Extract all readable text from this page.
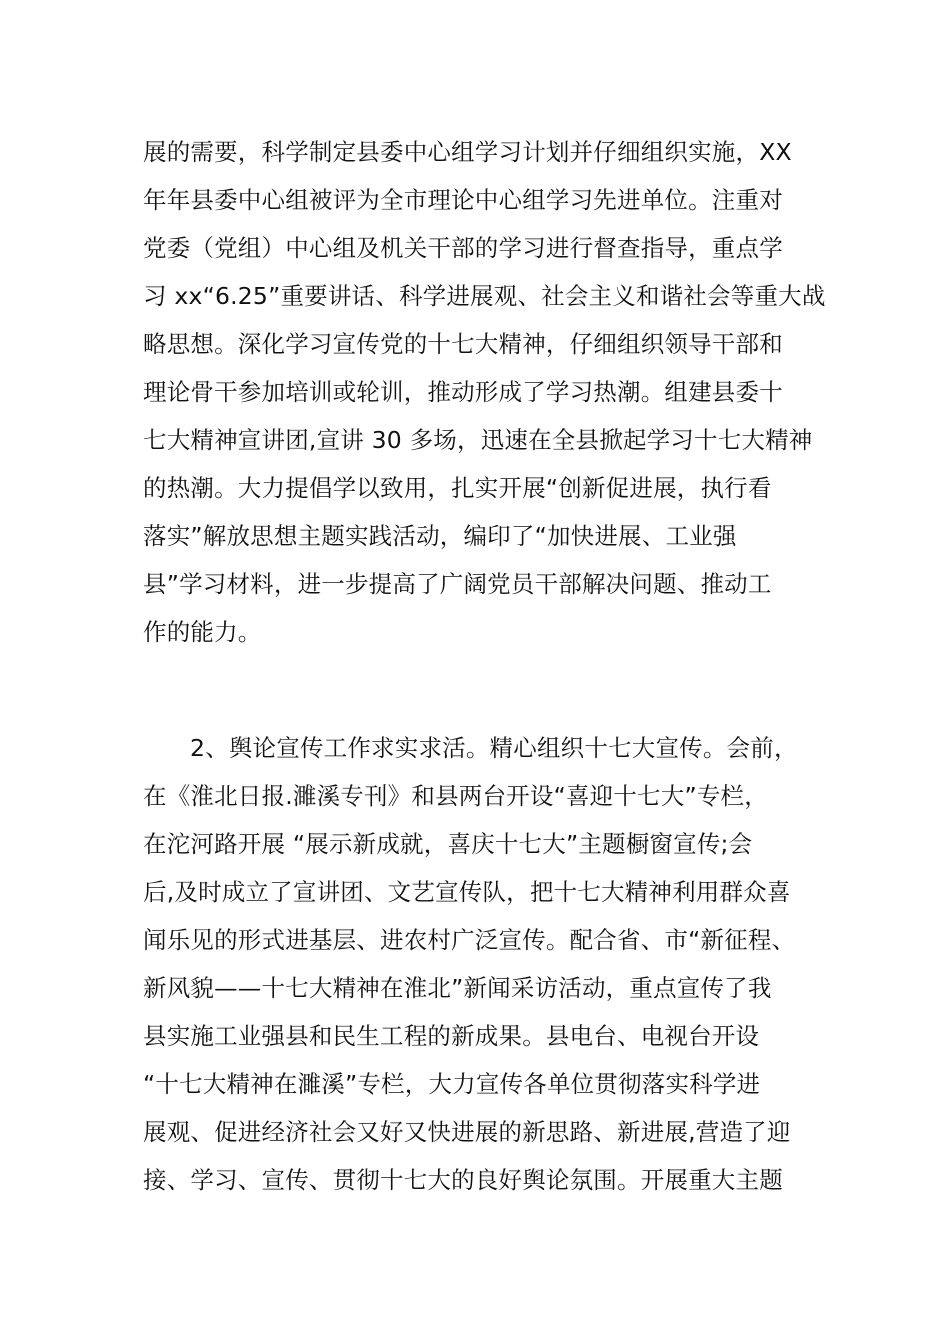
展的需要，科学制定县委中心组学习计划并仔细组织实施，XX
年年县委中心组被评为全市理论中心组学习先进单位。注重对
党委（党组）中心组及机关干部的学习进行督查指导，重点学
习 xx“6.25”重要讲话、科学进展观、社会主义和谐社会等重大战
略思想。深化学习宣传党的十七大精神，仔细组织领导干部和
理论骨干参加培训或轮训，推动形成了学习热潮。组建县委十
七大精神宣讲团,宣讲 30 多场，迅速在全县掀起学习十七大精神
的热潮。大力提倡学以致用，扎实开展“创新促进展，执行看
落实”解放思想主题实践活动，编印了“加快进展、工业强
县”学习材料，进一步提高了广阔党员干部解决问题、推动工
作的能力。
2、舆论宣传工作求实求活。精心组织十七大宣传。会前，
在《淮北日报.濉溪专刊》和县两台开设“喜迎十七大”专栏，
在沱河路开展 “展示新成就，喜庆十七大”主题橱窗宣传;会
后,及时成立了宣讲团、文艺宣传队，把十七大精神利用群众喜
闻乐见的形式进基层、进农村广泛宣传。配合省、市“新征程、
新风貌——十七大精神在淮北”新闻采访活动，重点宣传了我
县实施工业强县和民生工程的新成果。县电台、电视台开设
“十七大精神在濉溪”专栏，大力宣传各单位贯彻落实科学进
展观、促进经济社会又好又快进展的新思路、新进展,营造了迎
接、学习、宣传、贯彻十七大的良好舆论氛围。开展重大主题
